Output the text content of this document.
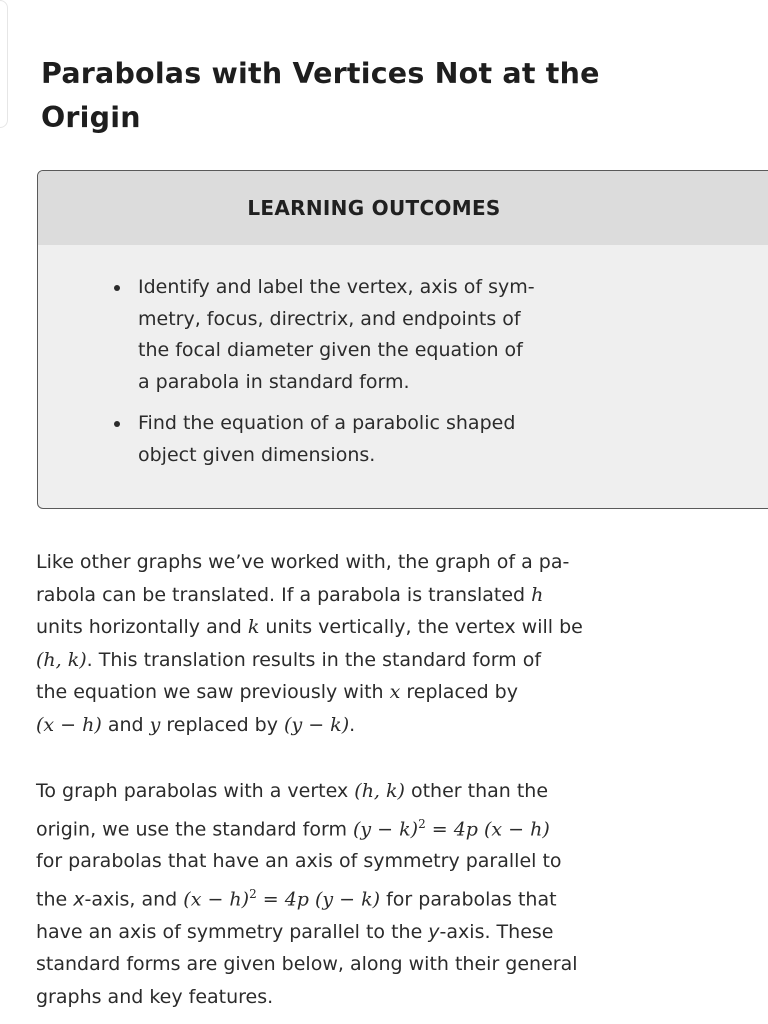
Parabolas with Vertices Not at the
Origin
LEARNING OUTCOMES
Identify and label the vertex, axis of sym-
metry, focus, directrix, and endpoints of
the focal diameter given the equation of
a parabola in standard form.
Find the equation of a parabolic shaped
object given dimensions.

Like other graphs we’ve worked with, the graph of a pa-
rabola can be translated. If a parabola is translated h
units horizontally and k units vertically, the vertex will be
(h, k). This translation results in the standard form of
the equation we saw previously with x replaced by
(x − h) and y replaced by (y − k).

To graph parabolas with a vertex (h, k) other than the
origin, we use the standard form $(y - k)^2 = 4p$ (x − h)
for parabolas that have an axis of symmetry parallel to
the x-axis, and $(x - h)^2 = 4p$ (y − k) for parabolas that
have an axis of symmetry parallel to the y-axis. These
standard forms are given below, along with their general
graphs and key features.
